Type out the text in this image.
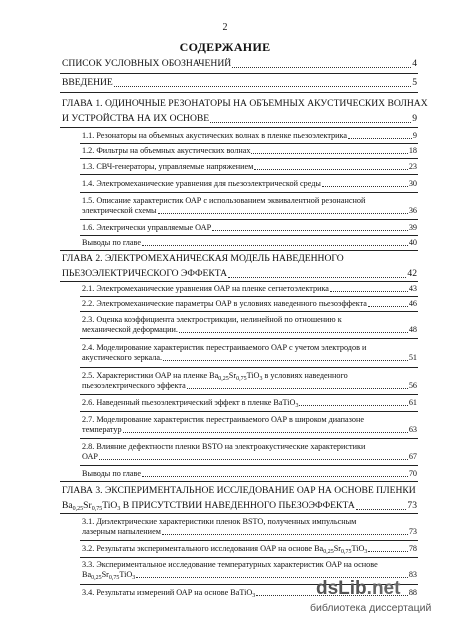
2
СОДЕРЖАНИЕ
СПИСОК УСЛОВНЫХ ОБОЗНАЧЕНИЙ	4
ВВЕДЕНИЕ	5
ГЛАВА 1. ОДИНОЧНЫЕ РЕЗОНАТОРЫ НА ОБЪЕМНЫХ АКУСТИЧЕСКИХ ВОЛНАХ
И УСТРОЙСТВА НА ИХ ОСНОВЕ	9
1.1. Резонаторы на объемных акустических волнах в пленке пьезоэлектрика	9
1.2. Фильтры на объемных акустических волнах	18
1.3. СВЧ-генераторы, управляемые напряжением	23
1.4. Электромеханические уравнения для пьезоэлектрической среды	30
1.5. Описание характеристик ОАР с использованием эквивалентной резонансной
электрической схемы	36
1.6. Электрически управляемые ОАР	39
Выводы по главе	40
ГЛАВА 2. ЭЛЕКТРОМЕХАНИЧЕСКАЯ МОДЕЛЬ НАВЕДЕННОГО
ПЬЕЗОЭЛЕКТРИЧЕСКОГО ЭФФЕКТА	42
2.1. Электромеханические уравнения ОАР на пленке сегнетоэлектрика	43
2.2. Электромеханические параметры ОАР в условиях наведенного пьезоэффекта	46
2.3. Оценка коэффициента электрострикции, нелинейной по отношению к
механической деформации.	48
2.4. Моделирование характеристик перестраиваемого ОАР с учетом электродов и
акустического зеркала.	51
2.5. Характеристики ОАР на пленке $Ba_{0,25}Sr_{0,75}TiO_3$ в условиях наведенного
пьезоэлектрического эффекта	56
2.6. Наведенный пьезоэлектрический эффект в пленке BaTiO$_3$	61
2.7. Моделирование характеристик перестраиваемого ОАР в широком диапазоне
температур	63
2.8. Влияние дефектности пленки BSTO на электроакустические характеристики
ОАР	67
Выводы по главе	70
ГЛАВА 3. ЭКСПЕРИМЕНТАЛЬНОЕ ИССЛЕДОВАНИЕ ОАР НА ОСНОВЕ ПЛЕНКИ
$Ba_{0,25}Sr_{0,75}TiO_3$ В ПРИСУТСТВИИ НАВЕДЕННОГО ПЬЕЗОЭФФЕКТА	73
3.1. Диэлектрические характеристики пленок BSTO, полученных импульсным
лазерным напылением	73
3.2. Результаты экспериментального исследования ОАР на основе $Ba_{0,25}Sr_{0,75}TiO_3$	78
3.3. Экспериментальное исследование температурных характеристик ОАР на основе
$Ba_{0,25}Sr_{0,75}TiO_3$	83
3.4. Результаты измерений ОАР на основе BaTiO$_3$	88
dsLib.net
библиотека диссертаций
